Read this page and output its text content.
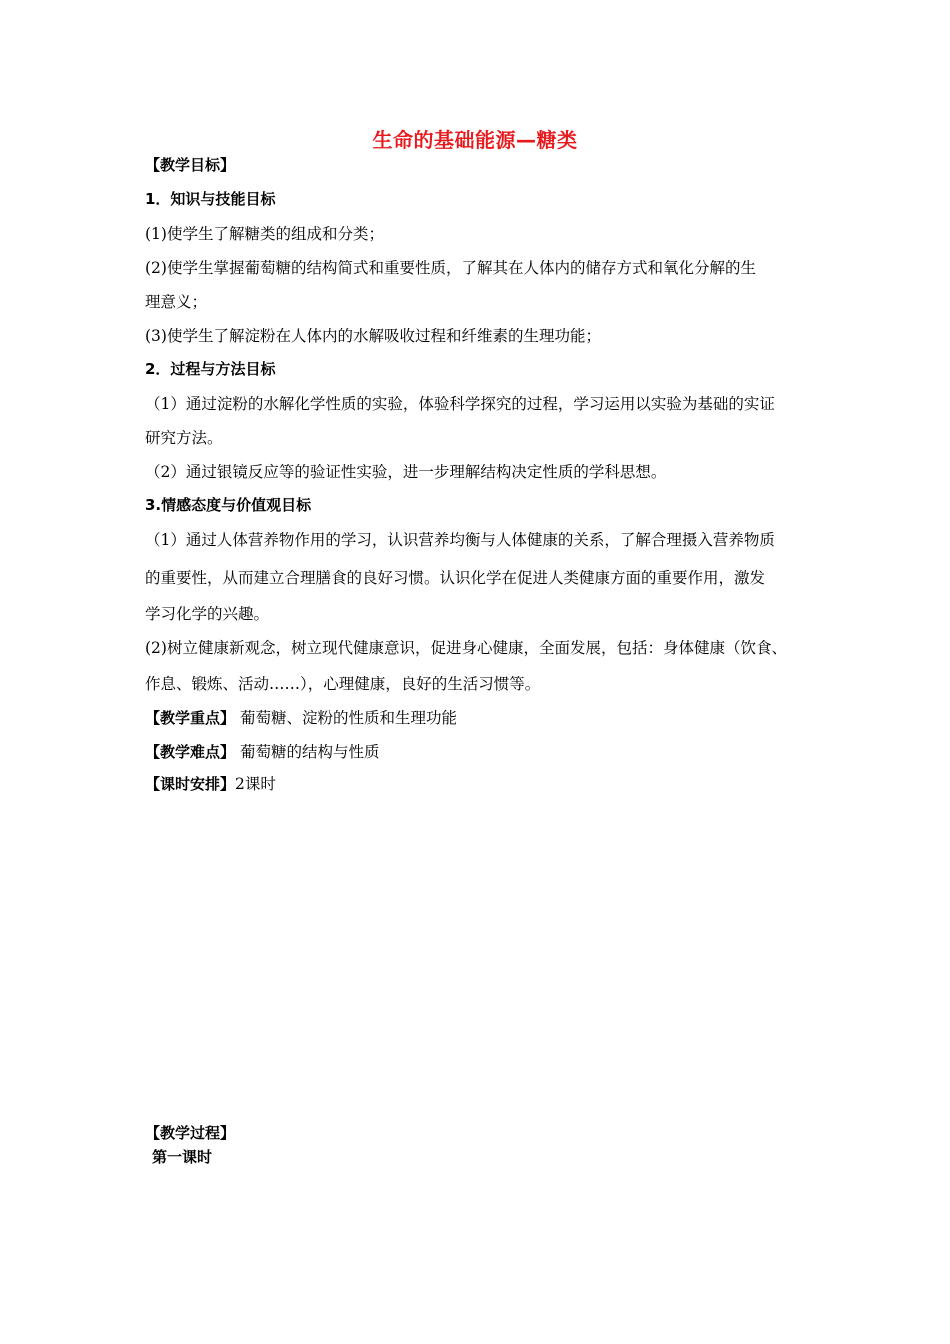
生命的基础能源—糖类
【教学目标】
1．知识与技能目标
(1)使学生了解糖类的组成和分类；
(2)使学生掌握葡萄糖的结构简式和重要性质，了解其在人体内的储存方式和氧化分解的生
理意义；
(3)使学生了解淀粉在人体内的水解吸收过程和纤维素的生理功能；
2．过程与方法目标
（1）通过淀粉的水解化学性质的实验，体验科学探究的过程，学习运用以实验为基础的实证
研究方法。
（2）通过银镜反应等的验证性实验，进一步理解结构决定性质的学科思想。
3.情感态度与价值观目标
（1）通过人体营养物作用的学习，认识营养均衡与人体健康的关系，了解合理摄入营养物质
的重要性，从而建立合理膳食的良好习惯。认识化学在促进人类健康方面的重要作用，激发
学习化学的兴趣。
(2)树立健康新观念，树立现代健康意识，促进身心健康，全面发展，包括：身体健康（饮食、
作息、锻炼、活动……），心理健康，良好的生活习惯等。
【教学重点】 葡萄糖、淀粉的性质和生理功能
【教学难点】 葡萄糖的结构与性质
【课时安排】2课时
【教学过程】
第一课时
